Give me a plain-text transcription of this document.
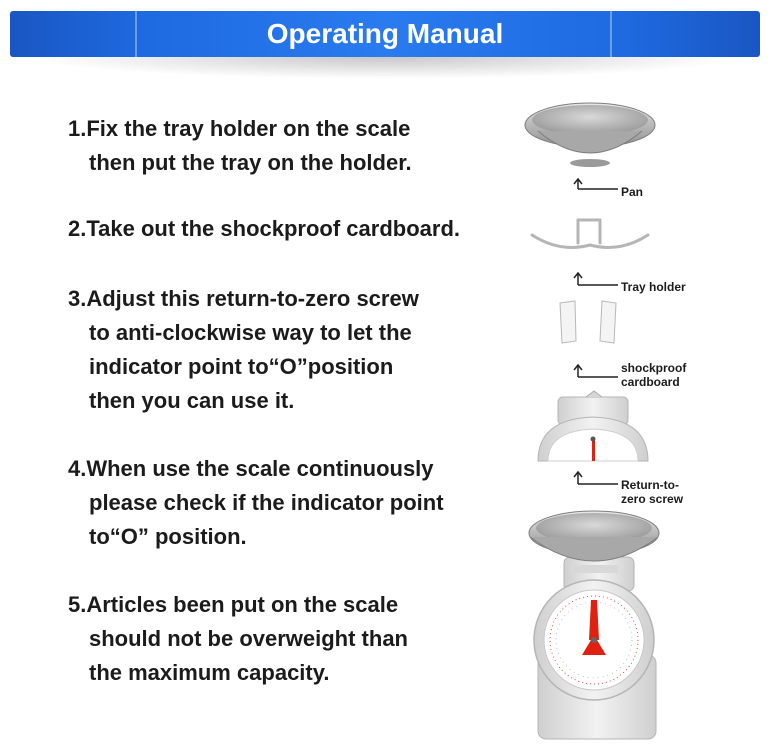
Operating Manual

1.Fix the tray holder on the scale
then put the tray on the holder.

2.Take out the shockproof cardboard.

3.Adjust this return-to-zero screw
to anti-clockwise way to let the
indicator point to“O”position
then you can use it.

4.When use the scale continuously
please check if the indicator point
to“O” position.

5.Articles been put on the scale
should not be overweight than
the maximum capacity.

Pan
Tray holder
shockproof
cardboard
Return-to-
zero screw
